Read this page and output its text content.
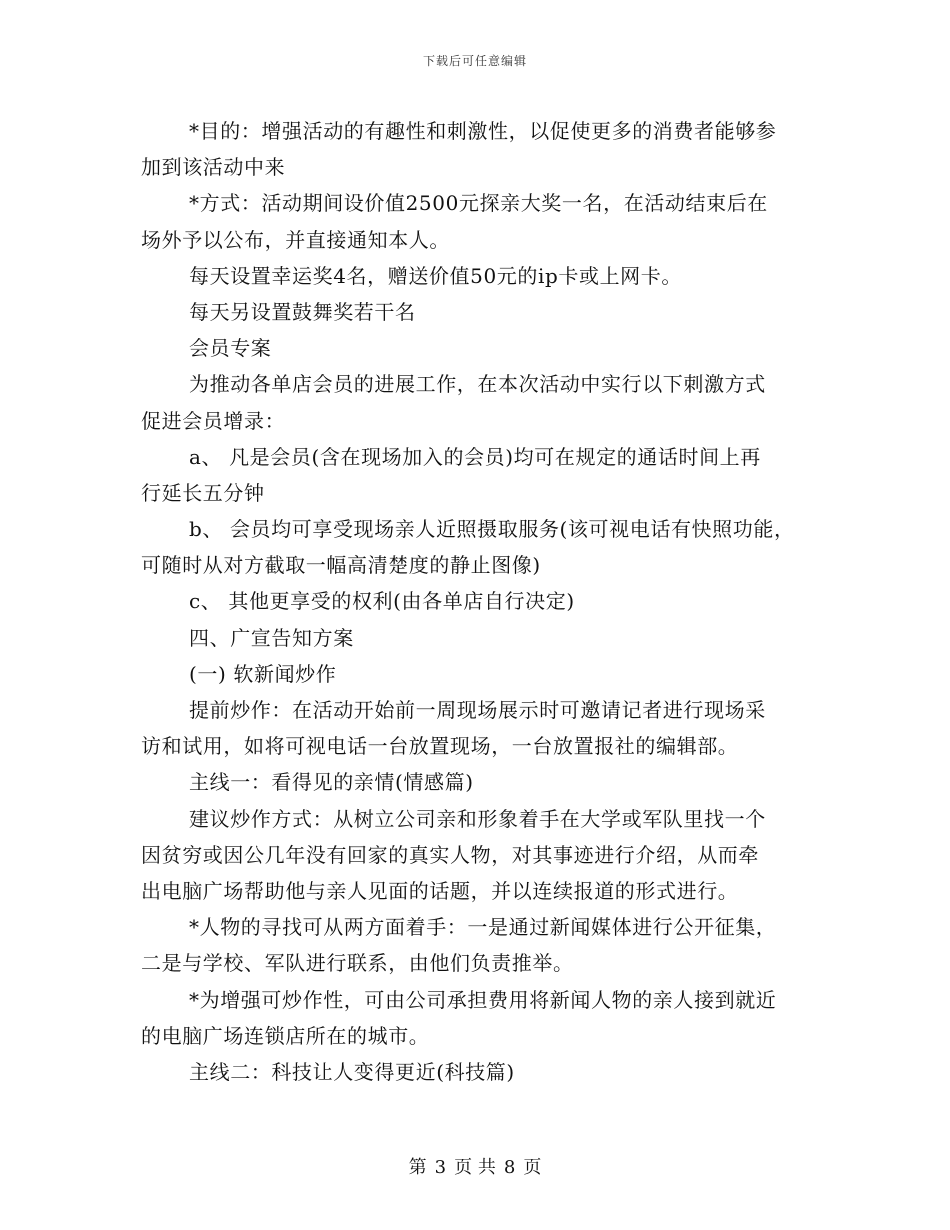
下载后可任意编辑
*目的：增强活动的有趣性和刺激性，以促使更多的消费者能够参
加到该活动中来
*方式：活动期间设价值2500元探亲大奖一名，在活动结束后在
场外予以公布，并直接通知本人。
每天设置幸运奖4名，赠送价值50元的ip卡或上网卡。
每天另设置鼓舞奖若干名
会员专案
为推动各单店会员的进展工作，在本次活动中实行以下刺激方式
促进会员增录：
a、 凡是会员(含在现场加入的会员)均可在规定的通话时间上再
行延长五分钟
b、 会员均可享受现场亲人近照摄取服务(该可视电话有快照功能，
可随时从对方截取一幅高清楚度的静止图像)
c、 其他更享受的权利(由各单店自行决定)
四、广宣告知方案
(一) 软新闻炒作
提前炒作：在活动开始前一周现场展示时可邀请记者进行现场采
访和试用，如将可视电话一台放置现场，一台放置报社的编辑部。
主线一：看得见的亲情(情感篇)
建议炒作方式：从树立公司亲和形象着手在大学或军队里找一个
因贫穷或因公几年没有回家的真实人物，对其事迹进行介绍，从而牵
出电脑广场帮助他与亲人见面的话题，并以连续报道的形式进行。
*人物的寻找可从两方面着手：一是通过新闻媒体进行公开征集，
二是与学校、军队进行联系，由他们负责推举。
*为增强可炒作性，可由公司承担费用将新闻人物的亲人接到就近
的电脑广场连锁店所在的城市。
主线二：科技让人变得更近(科技篇)
第 3 页 共 8 页
